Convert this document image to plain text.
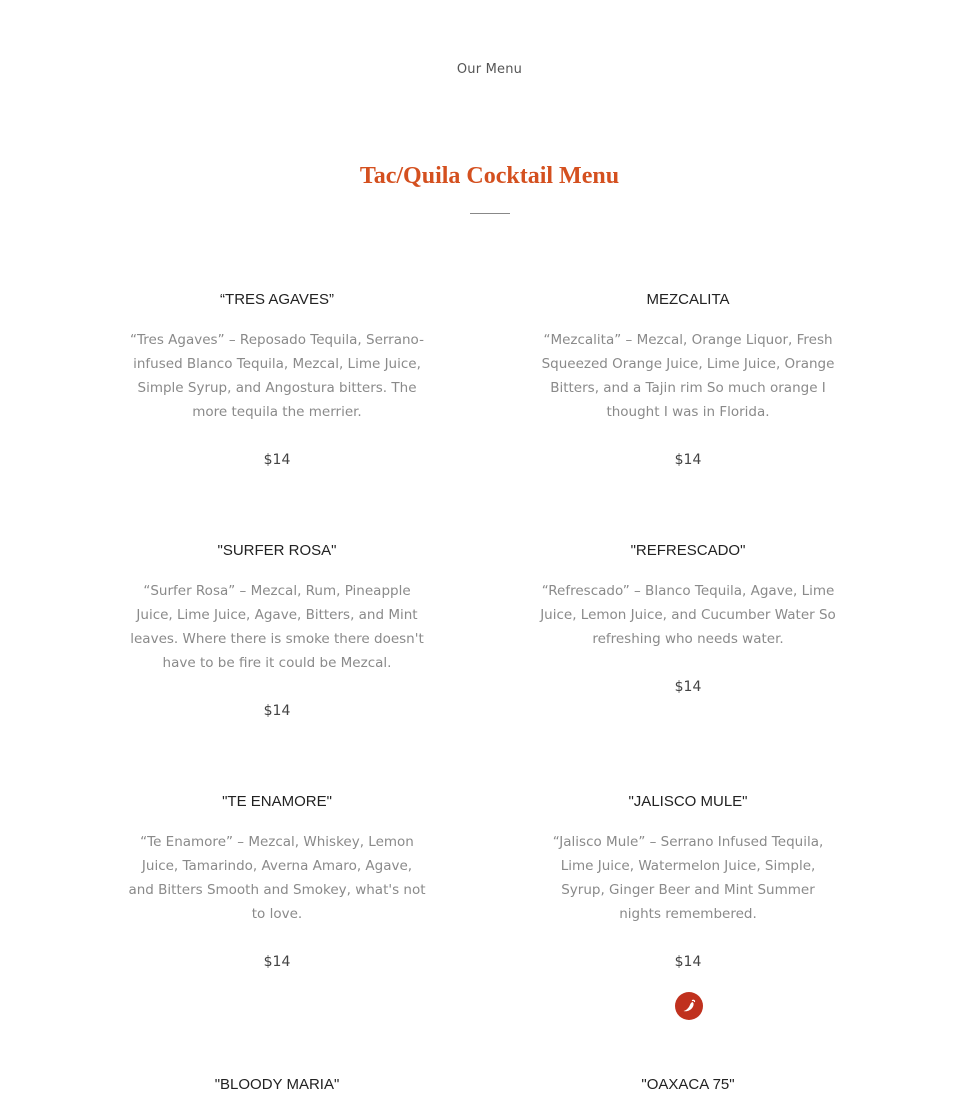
Our Menu
Tac/Quila Cocktail Menu
“TRES AGAVES”
“Tres Agaves” – Reposado Tequila, Serrano-infused Blanco Tequila, Mezcal, Lime Juice, Simple Syrup, and Angostura bitters. The more tequila the merrier.
$14
MEZCALITA
“Mezcalita” – Mezcal, Orange Liquor, Fresh Squeezed Orange Juice, Lime Juice, Orange Bitters, and a Tajin rim So much orange I thought I was in Florida.
$14
"SURFER ROSA"
“Surfer Rosa” – Mezcal, Rum, Pineapple Juice, Lime Juice, Agave, Bitters, and Mint leaves. Where there is smoke there doesn't have to be fire it could be Mezcal.
$14
"REFRESCADO"
“Refrescado” – Blanco Tequila, Agave, Lime Juice, Lemon Juice, and Cucumber Water So refreshing who needs water.
$14
"TE ENAMORE"
“Te Enamore” – Mezcal, Whiskey, Lemon Juice, Tamarindo, Averna Amaro, Agave, and Bitters Smooth and Smokey, what's not to love.
$14
"JALISCO MULE"
“Jalisco Mule” – Serrano Infused Tequila, Lime Juice, Watermelon Juice, Simple, Syrup, Ginger Beer and Mint Summer nights remembered.
$14
"BLOODY MARIA"	"OAXACA 75"
